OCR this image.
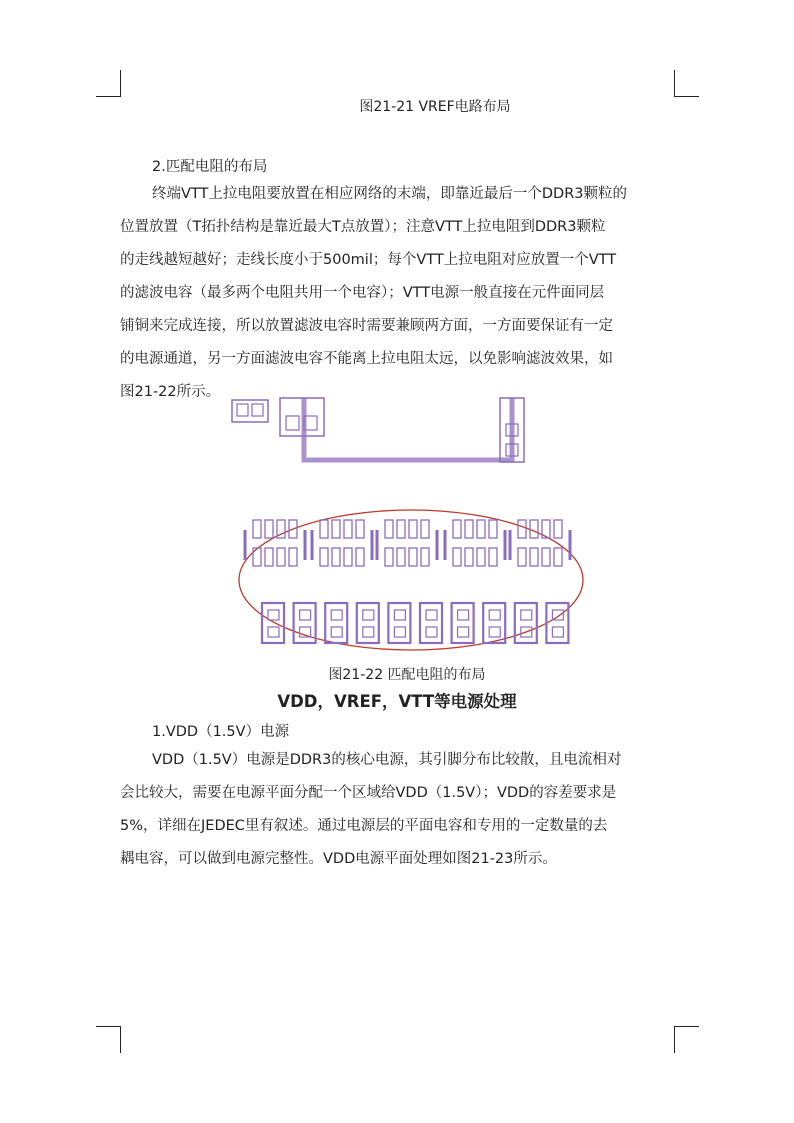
图21-21 VREF电路布局
2.匹配电阻的布局
终端VTT上拉电阻要放置在相应网络的末端，即靠近最后一个DDR3颗粒的
位置放置（T拓扑结构是靠近最大T点放置）；注意VTT上拉电阻到DDR3颗粒
的走线越短越好；走线长度小于500mil；每个VTT上拉电阻对应放置一个VTT
的滤波电容（最多两个电阻共用一个电容）；VTT电源一般直接在元件面同层
铺铜来完成连接，所以放置滤波电容时需要兼顾两方面，一方面要保证有一定
的电源通道，另一方面滤波电容不能离上拉电阻太远，以免影响滤波效果，如
图21-22所示。
图21-22 匹配电阻的布局
VDD，VREF，VTT等电源处理
1.VDD（1.5V）电源
VDD（1.5V）电源是DDR3的核心电源，其引脚分布比较散，且电流相对
会比较大，需要在电源平面分配一个区域给VDD（1.5V）；VDD的容差要求是
5%，详细在JEDEC里有叙述。通过电源层的平面电容和专用的一定数量的去
耦电容，可以做到电源完整性。VDD电源平面处理如图21-23所示。
